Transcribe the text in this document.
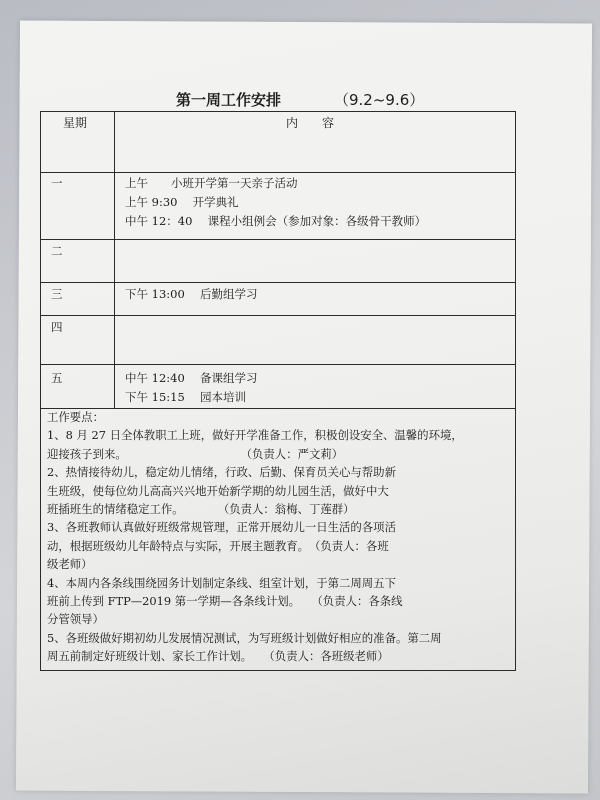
第一周工作安排	（9.2~9.6）
星期	内　　容
一	上午　　小班开学第一天亲子活动
上午 9:30　 开学典礼
中午 12：40　 课程小组例会（参加对象：各级骨干教师）
二
三	下午 13:00　 后勤组学习
四
五	中午 12:40　 备课组学习
下午 15:15　 园本培训

工作要点：

1、8 月 27 日全体教职工上班，做好开学准备工作，积极创设安全、温馨的环境，

迎接孩子到来。　　　　　　　　　　　（负责人：严文莉）

2、热情接待幼儿，稳定幼儿情绪，行政、后勤、保育员关心与帮助新

生班级，使每位幼儿高高兴兴地开始新学期的幼儿园生活，做好中大

班插班生的情绪稳定工作。　　　　（负责人：翁梅、丁莲群）

3、各班教师认真做好班级常规管理，正常开展幼儿一日生活的各项活

动，根据班级幼儿年龄特点与实际，开展主题教育。　（负责人：各班

级老师）

4、本周内各条线围绕园务计划制定条线、组室计划，于第二周周五下

班前上传到 FTP—2019 第一学期—各条线计划。　　（负责人：各条线

分管领导）

5、各班级做好期初幼儿发展情况测试，为写班级计划做好相应的准备。第二周

周五前制定好班级计划、家长工作计划。　　（负责人：各班级老师）
